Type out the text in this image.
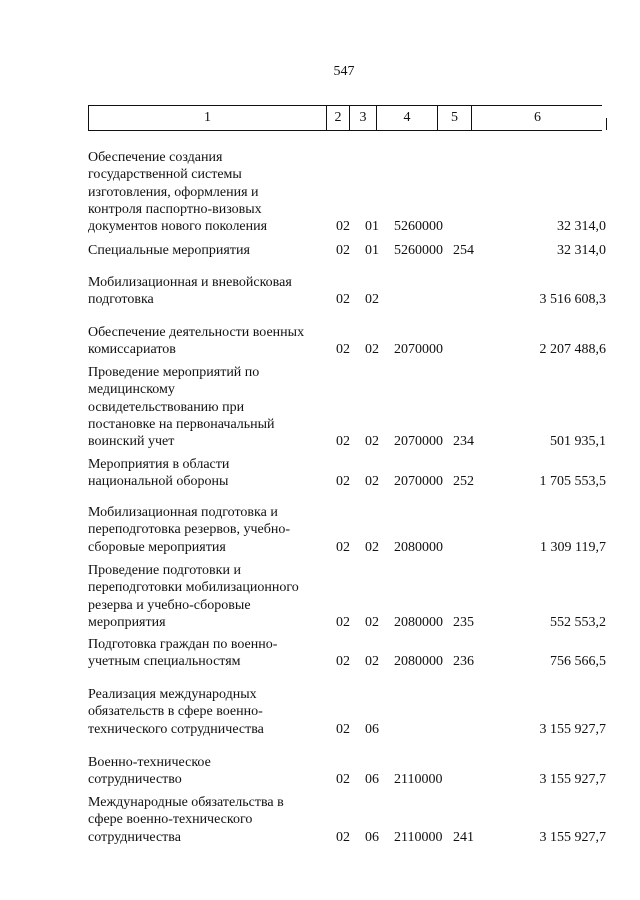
547
1	2	3	4	5	6
Обеспечение создания
государственной системы
изготовления, оформления и
контроля паспортно-визовых
документов нового поколения	02 01 5260000	32 314,0
Специальные мероприятия	02 01 5260000 254	32 314,0
Мобилизационная и вневойсковая
подготовка	02 02	3 516 608,3
Обеспечение деятельности военных
комиссариатов	02 02 2070000	2 207 488,6
Проведение мероприятий по
медицинскому
освидетельствованию при
постановке на первоначальный
воинский учет	02 02 2070000 234	501 935,1
Мероприятия в области
национальной обороны	02 02 2070000 252	1 705 553,5
Мобилизационная подготовка и
переподготовка резервов, учебно-
сборовые мероприятия	02 02 2080000	1 309 119,7
Проведение подготовки и
переподготовки мобилизационного
резерва и учебно-сборовые
мероприятия	02 02 2080000 235	552 553,2
Подготовка граждан по военно-
учетным специальностям	02 02 2080000 236	756 566,5
Реализация международных
обязательств в сфере военно-
технического сотрудничества	02 06	3 155 927,7
Военно-техническое
сотрудничество	02 06 2110000	3 155 927,7
Международные обязательства в
сфере военно-технического
сотрудничества	02 06 2110000 241	3 155 927,7
